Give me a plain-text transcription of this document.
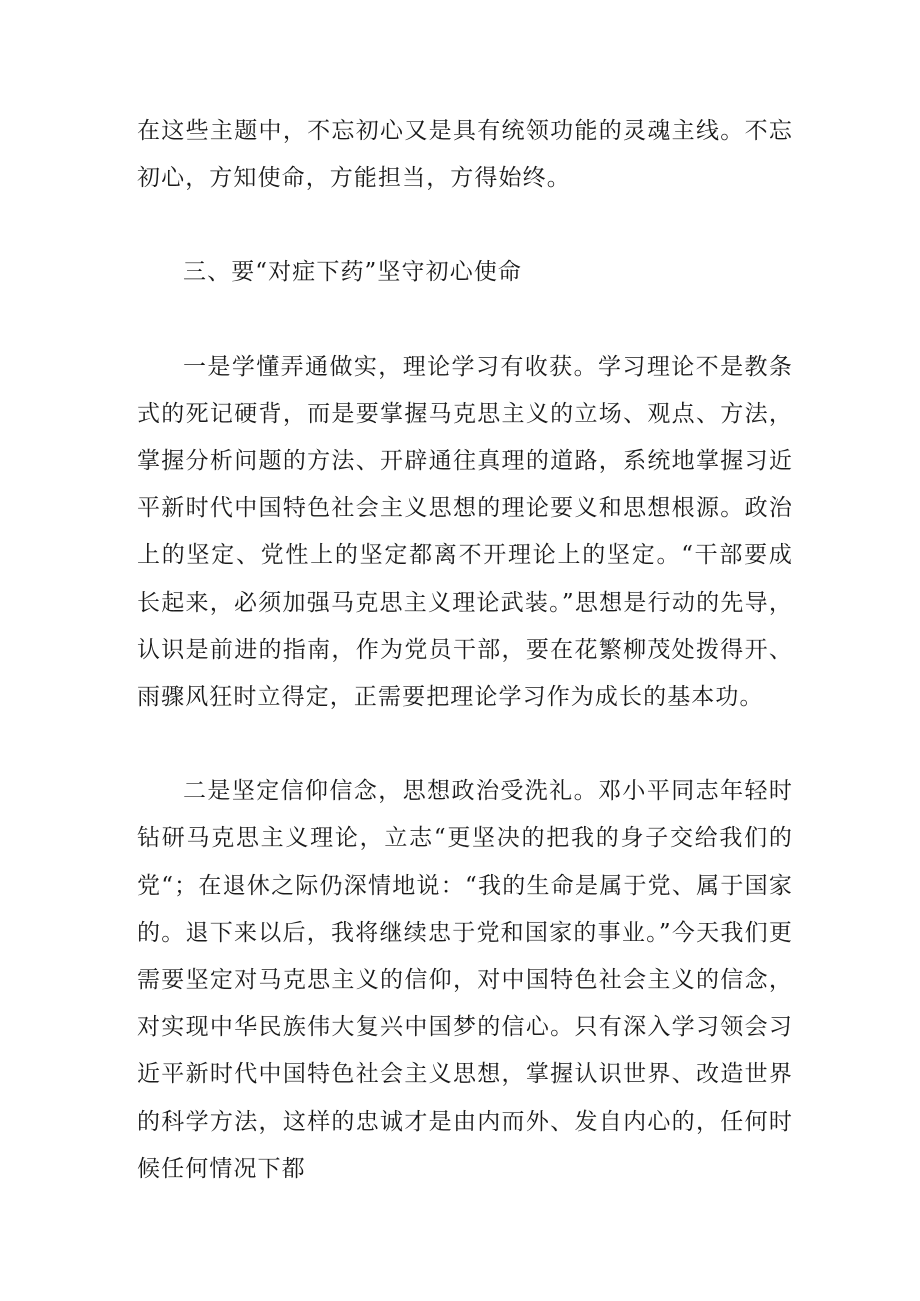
在这些主题中，不忘初心又是具有统领功能的灵魂主线。不忘初心，方知使命，方能担当，方得始终。

三、要“对症下药”坚守初心使命

一是学懂弄通做实，理论学习有收获。学习理论不是教条式的死记硬背，而是要掌握马克思主义的立场、观点、方法，掌握分析问题的方法、开辟通往真理的道路，系统地掌握习近平新时代中国特色社会主义思想的理论要义和思想根源。政治上的坚定、党性上的坚定都离不开理论上的坚定。“干部要成长起来，必须加强马克思主义理论武装。”思想是行动的先导，认识是前进的指南，作为党员干部，要在花繁柳茂处拨得开、雨骤风狂时立得定，正需要把理论学习作为成长的基本功。

二是坚定信仰信念，思想政治受洗礼。邓小平同志年轻时钻研马克思主义理论，立志“更坚决的把我的身子交给我们的党“；在退休之际仍深情地说：“我的生命是属于党、属于国家的。退下来以后，我将继续忠于党和国家的事业。”今天我们更需要坚定对马克思主义的信仰，对中国特色社会主义的信念，对实现中华民族伟大复兴中国梦的信心。只有深入学习领会习近平新时代中国特色社会主义思想，掌握认识世界、改造世界的科学方法，这样的忠诚才是由内而外、发自内心的，任何时候任何情况下都
